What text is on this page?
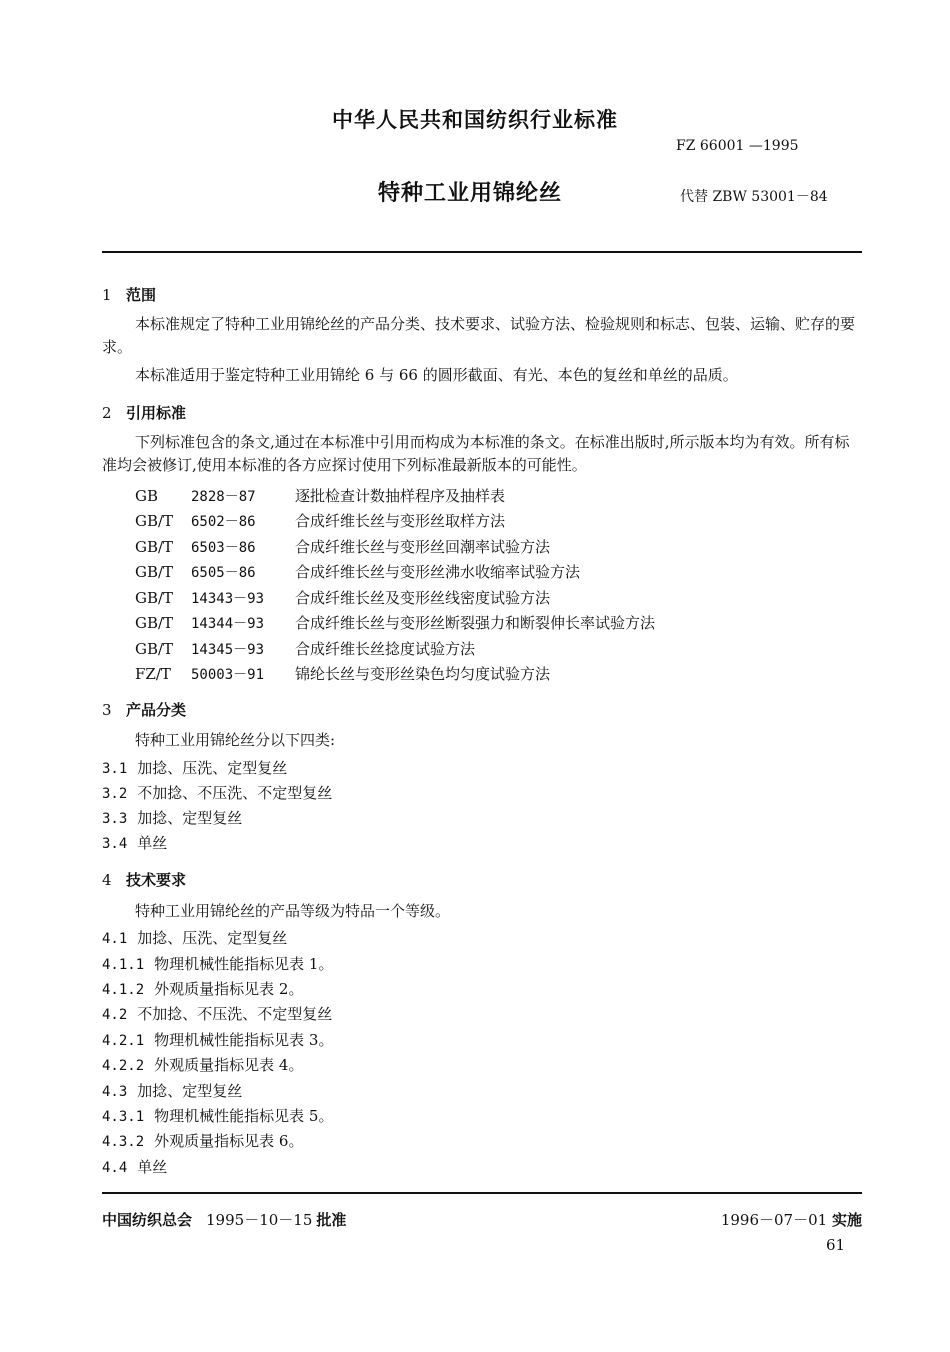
中华人民共和国纺织行业标准
FZ 66001 —1995
特种工业用锦纶丝	代替 ZBW 53001－84
1 范围
本标准规定了特种工业用锦纶丝的产品分类、技术要求、试验方法、检验规则和标志、包装、运输、贮存的要求。
本标准适用于鉴定特种工业用锦纶 6 与 66 的圆形截面、有光、本色的复丝和单丝的品质。
2 引用标准
下列标准包含的条文,通过在本标准中引用而构成为本标准的条文。在标准出版时,所示版本均为有效。所有标准均会被修订,使用本标准的各方应探讨使用下列标准最新版本的可能性。
GB 2828－87	逐批检查计数抽样程序及抽样表
GB/T 6502－86	合成纤维长丝与变形丝取样方法
GB/T 6503－86	合成纤维长丝与变形丝回潮率试验方法
GB/T 6505－86	合成纤维长丝与变形丝沸水收缩率试验方法
GB/T 14343－93 合成纤维长丝及变形丝线密度试验方法
GB/T 14344－93 合成纤维长丝与变形丝断裂强力和断裂伸长率试验方法
GB/T 14345－93 合成纤维长丝捻度试验方法
FZ/T 50003－91 锦纶长丝与变形丝染色均匀度试验方法
3 产品分类
特种工业用锦纶丝分以下四类:
3.1 加捻、压洗、定型复丝
3.2 不加捻、不压洗、不定型复丝
3.3 加捻、定型复丝
3.4 单丝
4 技术要求
特种工业用锦纶丝的产品等级为特品一个等级。
4.1 加捻、压洗、定型复丝
4.1.1 物理机械性能指标见表 1。
4.1.2 外观质量指标见表 2。
4.2 不加捻、不压洗、不定型复丝
4.2.1 物理机械性能指标见表 3。
4.2.2 外观质量指标见表 4。
4.3 加捻、定型复丝
4.3.1 物理机械性能指标见表 5。
4.3.2 外观质量指标见表 6。
4.4 单丝
中国纺织总会 1995－10－15 批准	1996－07－01 实施
61
